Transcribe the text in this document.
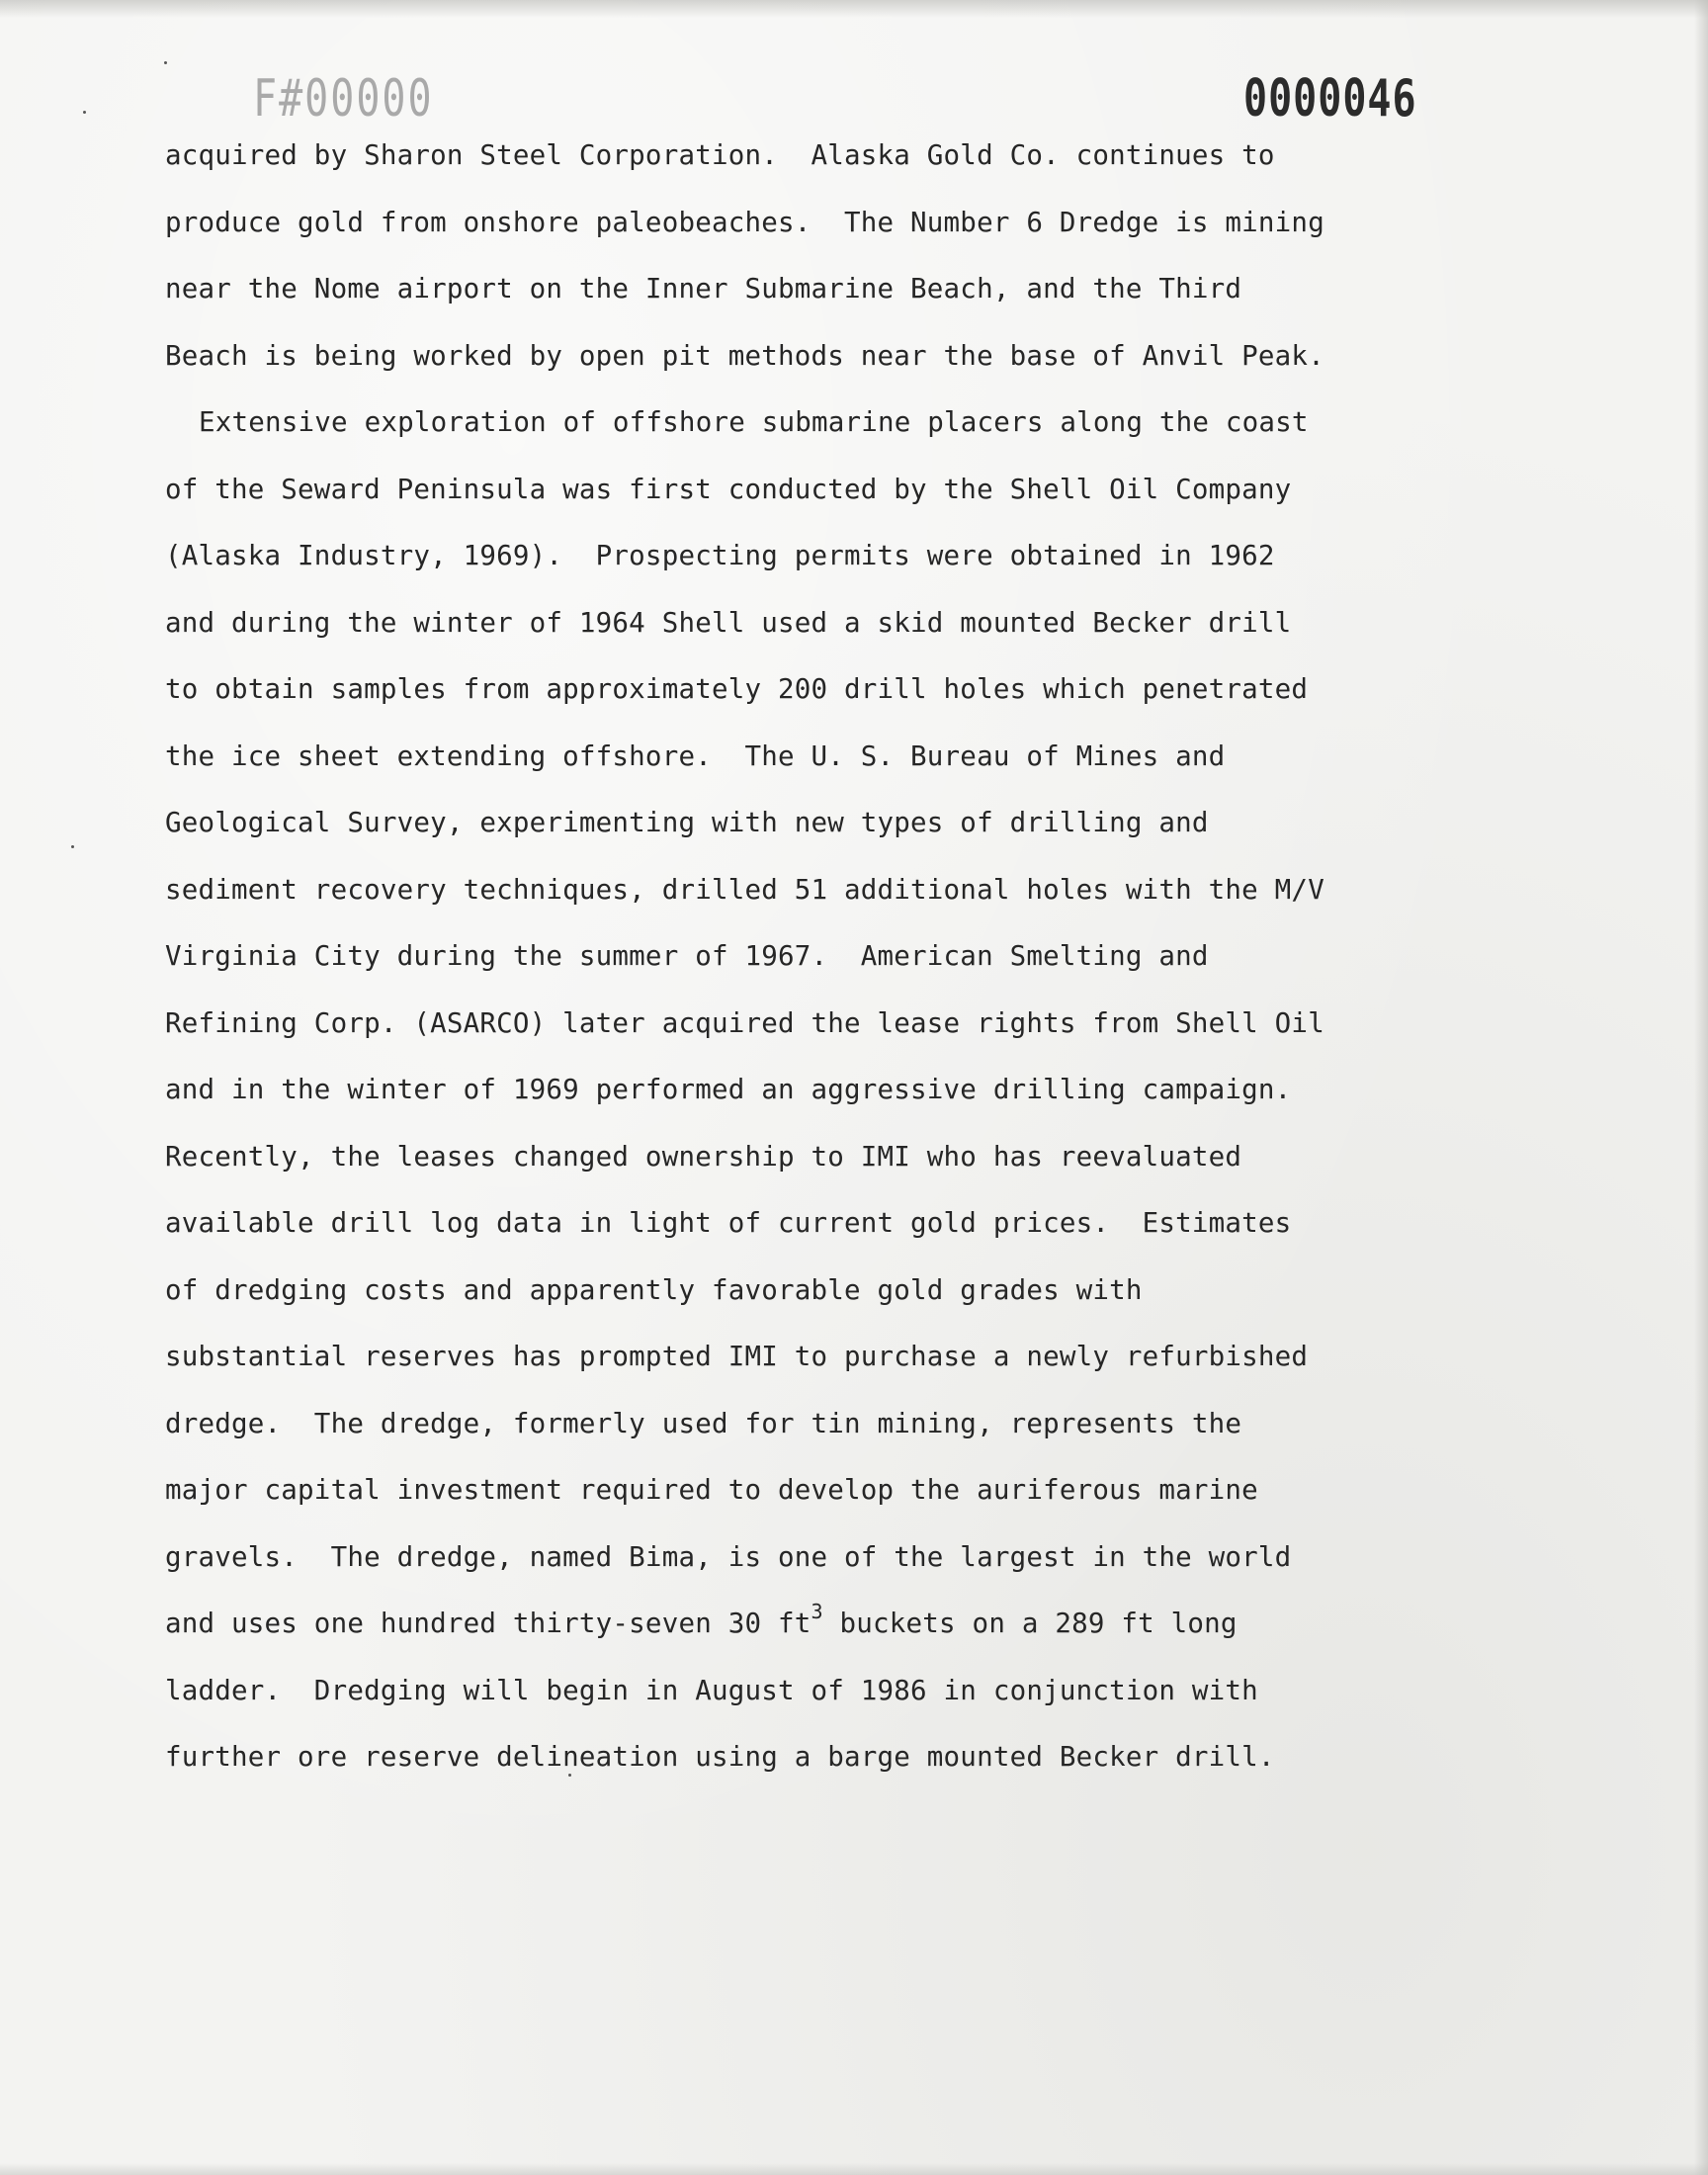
F#00000	0000046
acquired by Sharon Steel Corporation.  Alaska Gold Co. continues to
produce gold from onshore paleobeaches.  The Number 6 Dredge is mining
near the Nome airport on the Inner Submarine Beach, and the Third
Beach is being worked by open pit methods near the base of Anvil Peak.
Extensive exploration of offshore submarine placers along the coast
of the Seward Peninsula was first conducted by the Shell Oil Company
(Alaska Industry, 1969).  Prospecting permits were obtained in 1962
and during the winter of 1964 Shell used a skid mounted Becker drill
to obtain samples from approximately 200 drill holes which penetrated
the ice sheet extending offshore.  The U. S. Bureau of Mines and
Geological Survey, experimenting with new types of drilling and
sediment recovery techniques, drilled 51 additional holes with the M/V
Virginia City during the summer of 1967.  American Smelting and
Refining Corp. (ASARCO) later acquired the lease rights from Shell Oil
and in the winter of 1969 performed an aggressive drilling campaign.
Recently, the leases changed ownership to IMI who has reevaluated
available drill log data in light of current gold prices.  Estimates
of dredging costs and apparently favorable gold grades with
substantial reserves has prompted IMI to purchase a newly refurbished
dredge.  The dredge, formerly used for tin mining, represents the
major capital investment required to develop the auriferous marine
gravels.  The dredge, named Bima, is one of the largest in the world
and uses one hundred thirty-seven 30 $ft^3$ buckets on a 289 ft long
ladder.  Dredging will begin in August of 1986 in conjunction with
further ore reserve delineation using a barge mounted Becker drill.
